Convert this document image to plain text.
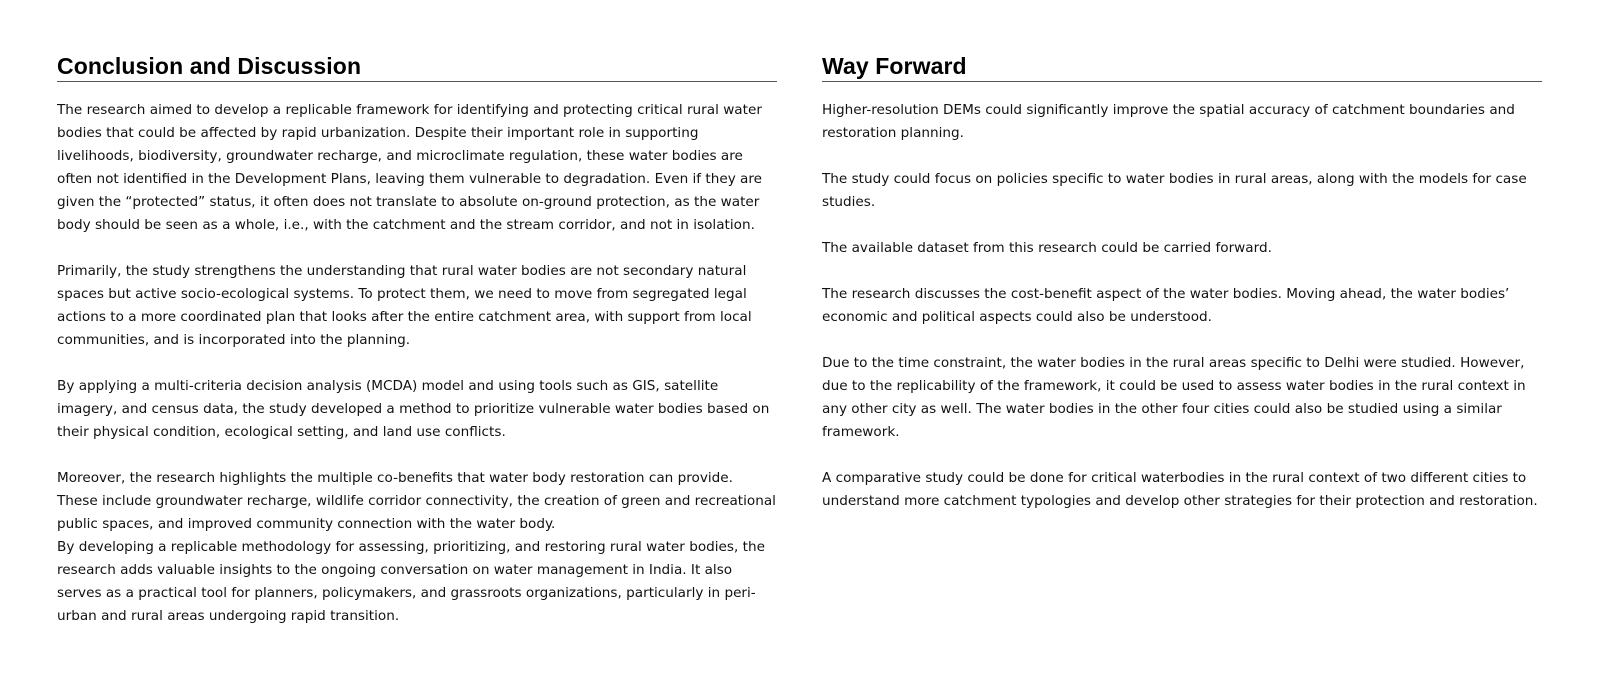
Conclusion and Discussion

The research aimed to develop a replicable framework for identifying and protecting critical rural water bodies that could be affected by rapid urbanization. Despite their important role in supporting livelihoods, biodiversity, groundwater recharge, and microclimate regulation, these water bodies are often not identified in the Development Plans, leaving them vulnerable to degradation. Even if they are given the “protected” status, it often does not translate to absolute on-ground protection, as the water body should be seen as a whole, i.e., with the catchment and the stream corridor, and not in isolation.

Primarily, the study strengthens the understanding that rural water bodies are not secondary natural spaces but active socio-ecological systems. To protect them, we need to move from segregated legal actions to a more coordinated plan that looks after the entire catchment area, with support from local communities, and is incorporated into the planning.

By applying a multi-criteria decision analysis (MCDA) model and using tools such as GIS, satellite imagery, and census data, the study developed a method to prioritize vulnerable water bodies based on their physical condition, ecological setting, and land use conflicts.

Moreover, the research highlights the multiple co-benefits that water body restoration can provide. These include groundwater recharge, wildlife corridor connectivity, the creation of green and recreational public spaces, and improved community connection with the water body.

By developing a replicable methodology for assessing, prioritizing, and restoring rural water bodies, the research adds valuable insights to the ongoing conversation on water management in India. It also serves as a practical tool for planners, policymakers, and grassroots organizations, particularly in peri-urban and rural areas undergoing rapid transition.

Way Forward

Higher-resolution DEMs could significantly improve the spatial accuracy of catchment boundaries and restoration planning.

The study could focus on policies specific to water bodies in rural areas, along with the models for case studies.

The available dataset from this research could be carried forward.

The research discusses the cost-benefit aspect of the water bodies. Moving ahead, the water bodies’ economic and political aspects could also be understood.

Due to the time constraint, the water bodies in the rural areas specific to Delhi were studied. However, due to the replicability of the framework, it could be used to assess water bodies in the rural context in any other city as well. The water bodies in the other four cities could also be studied using a similar framework.

A comparative study could be done for critical waterbodies in the rural context of two different cities to understand more catchment typologies and develop other strategies for their protection and restoration.
